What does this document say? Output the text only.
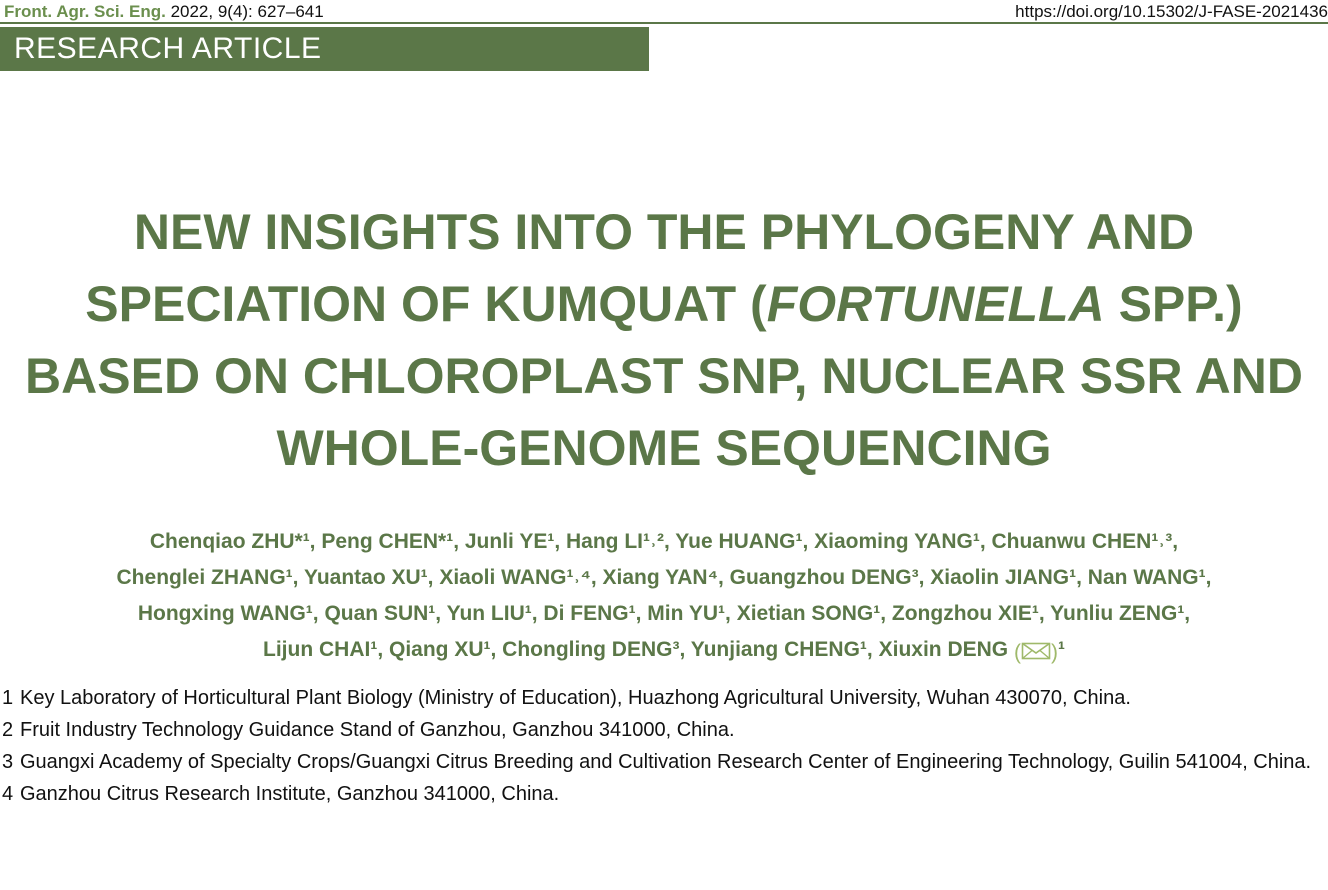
Front. Agr. Sci. Eng. 2022, 9(4): 627–641	https://doi.org/10.15302/J-FASE-2021436
RESEARCH ARTICLE
NEW INSIGHTS INTO THE PHYLOGENY AND
SPECIATION OF KUMQUAT (FORTUNELLA SPP.)
BASED ON CHLOROPLAST SNP, NUCLEAR SSR AND
WHOLE-GENOME SEQUENCING
Chenqiao ZHU*¹, Peng CHEN*¹, Junli YE¹, Hang LI¹˒², Yue HUANG¹, Xiaoming YANG¹, Chuanwu CHEN¹˒³,
Chenglei ZHANG¹, Yuantao XU¹, Xiaoli WANG¹˒⁴, Xiang YAN⁴, Guangzhou DENG³, Xiaolin JIANG¹, Nan WANG¹,
Hongxing WANG¹, Quan SUN¹, Yun LIU¹, Di FENG¹, Min YU¹, Xietian SONG¹, Zongzhou XIE¹, Yunliu ZENG¹,
Lijun CHAI¹, Qiang XU¹, Chongling DENG³, Yunjiang CHENG¹, Xiuxin DENG ( )¹
1 Key Laboratory of Horticultural Plant Biology (Ministry of Education), Huazhong Agricultural University, Wuhan 430070, China.
2 Fruit Industry Technology Guidance Stand of Ganzhou, Ganzhou 341000, China.
3 Guangxi Academy of Specialty Crops/Guangxi Citrus Breeding and Cultivation Research Center of Engineering Technology, Guilin 541004, China.
4 Ganzhou Citrus Research Institute, Ganzhou 341000, China.
